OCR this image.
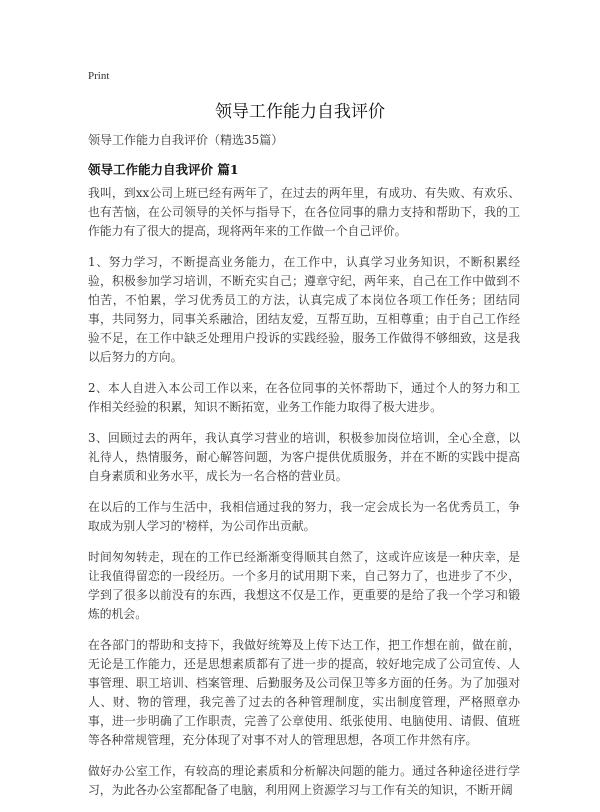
Print
领导工作能力自我评价
领导工作能力自我评价（精选35篇）
领导工作能力自我评价 篇1

我叫，到xx公司上班已经有两年了，在过去的两年里，有成功、有失败、有欢乐、也有苦恼，在公司领导的关怀与指导下，在各位同事的鼎力支持和帮助下，我的工作能力有了很大的提高，现将两年来的工作做一个自己评价。

1、努力学习，不断提高业务能力，在工作中，认真学习业务知识，不断积累经验，积极参加学习培训，不断充实自己；遵章守纪，两年来，自己在工作中做到不怕苦，不怕累，学习优秀员工的方法，认真完成了本岗位各项工作任务；团结同事，共同努力，同事关系融洽，团结友爱，互帮互助，互相尊重；由于自己工作经验不足，在工作中缺乏处理用户投诉的实践经验，服务工作做得不够细致，这是我以后努力的方向。

2、本人自进入本公司工作以来，在各位同事的关怀帮助下，通过个人的努力和工作相关经验的积累，知识不断拓宽，业务工作能力取得了极大进步。

3、回顾过去的两年，我认真学习营业的培训，积极参加岗位培训，全心全意，以礼待人，热情服务，耐心解答问题，为客户提供优质服务，并在不断的实践中提高自身素质和业务水平，成长为一名合格的营业员。

在以后的工作与生活中，我相信通过我的努力，我一定会成长为一名优秀员工，争取成为别人学习的'榜样，为公司作出贡献。

时间匆匆转走，现在的工作已经渐渐变得顺其自然了，这或许应该是一种庆幸，是让我值得留恋的一段经历。一个多月的试用期下来，自己努力了，也进步了不少，学到了很多以前没有的东西，我想这不仅是工作，更重要的是给了我一个学习和锻炼的机会。

在各部门的帮助和支持下，我做好统筹及上传下达工作，把工作想在前，做在前，无论是工作能力，还是思想素质都有了进一步的提高，较好地完成了公司宣传、人事管理、职工培训、档案管理、后勤服务及公司保卫等多方面的任务。为了加强对人、财、物的管理，我完善了过去的各种管理制度，实出制度管理，严格照章办事，进一步明确了工作职责，完善了公章使用、纸张使用、电脑使用、请假、值班等各种常规管理，充分体现了对事不对人的管理思想，各项工作井然有序。

做好办公室工作，有较高的理论素质和分析解决问题的能力。通过各种途径进行学习，为此各办公室都配备了电脑，利用网上资源学习与工作有关的知识，不断开阔
